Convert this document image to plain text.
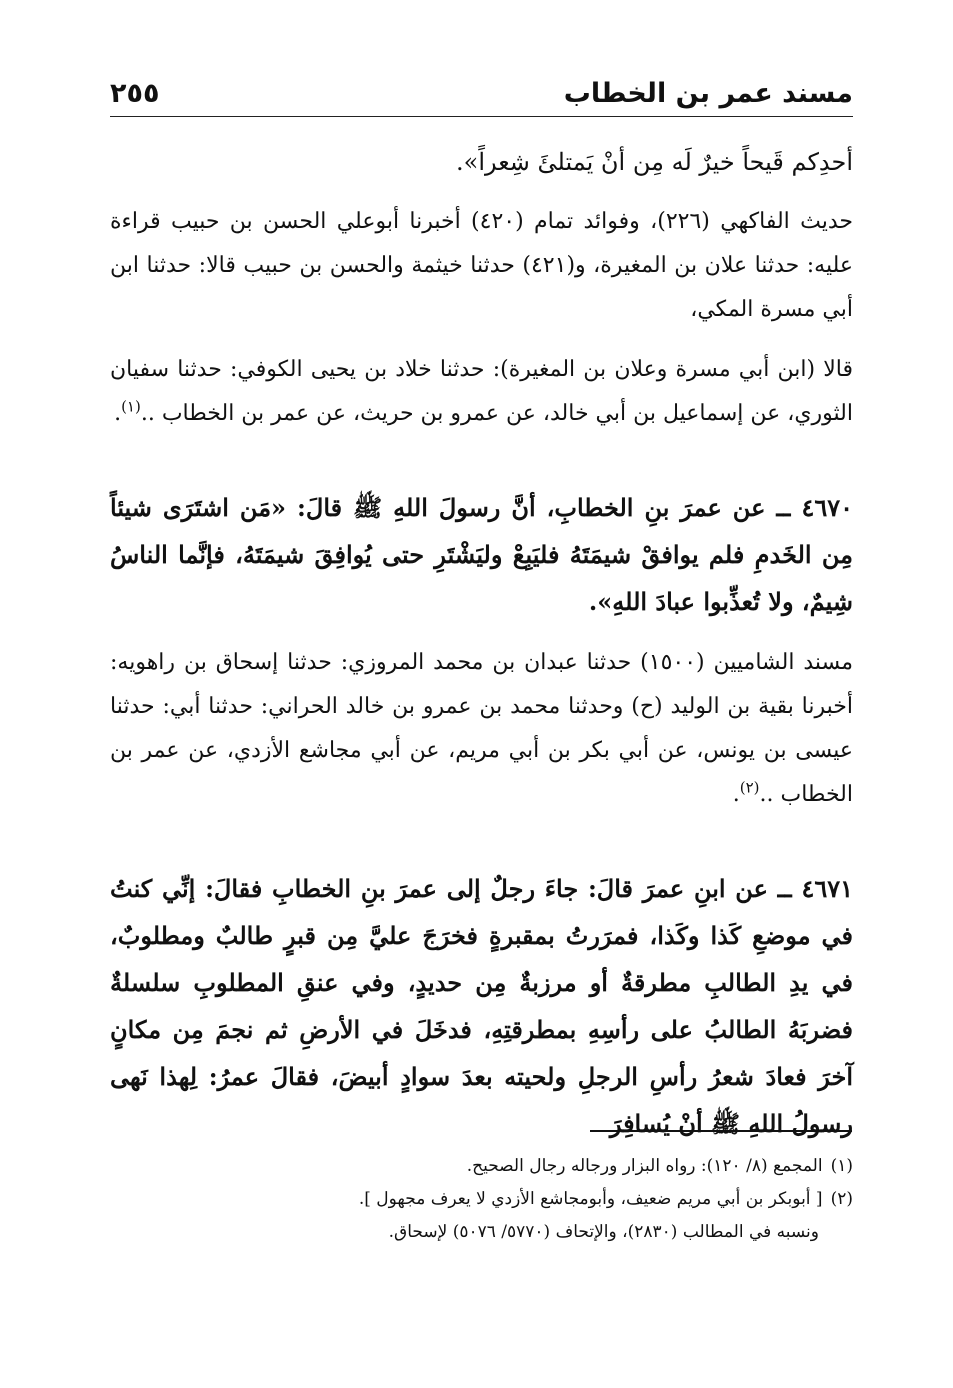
مسند عمر بن الخطاب
٢٥٥

أحدِكم قَيحاً خيرٌ لَه مِن أنْ يَمتلئَ شِعراً».

حديث الفاكهي (٢٢٦)، وفوائد تمام (٤٢٠) أخبرنا أبوعلي الحسن بن حبيب قراءة عليه: حدثنا علان بن المغيرة، و(٤٢١) حدثنا خيثمة والحسن بن حبيب قالا: حدثنا ابن أبي مسرة المكي،

قالا (ابن أبي مسرة وعلان بن المغيرة): حدثنا خلاد بن يحيى الكوفي: حدثنا سفيان الثوري، عن إسماعيل بن أبي خالد، عن عمرو بن حريث، عن عمر بن الخطاب ..$^{(١)}$.

٤٦٧٠ ــ عن عمرَ بنِ الخطابِ، أنَّ رسولَ اللهِ ﷺ قالَ: «مَن اشتَرَى شيئاً مِن الخَدمِ فلم يوافقْ شيمَتَهُ فليَبِعْ وليَشْتَرِ حتى يُوافِقَ شيمَتَهُ، فإنَّما الناسُ شِيمٌ، ولا تُعذِّبوا عبادَ اللهِ».

مسند الشاميين (١٥٠٠) حدثنا عبدان بن محمد المروزي: حدثنا إسحاق بن راهويه: أخبرنا بقية بن الوليد (ح) وحدثنا محمد بن عمرو بن خالد الحراني: حدثنا أبي: حدثنا عيسى بن يونس، عن أبي بكر بن أبي مريم، عن أبي مجاشع الأزدي، عن عمر بن الخطاب ..$^{(٢)}$.

٤٦٧١ ــ عن ابنِ عمرَ قالَ: جاءَ رجلٌ إلى عمرَ بنِ الخطابِ فقالَ: إنِّي كنتُ في موضعِ كَذا وكَذا، فمرَرتُ بمقبرةٍ فخرَجَ عليَّ مِن قبرٍ طالبٌ ومطلوبٌ، في يدِ الطالبِ مطرقةٌ أو مرزبةٌ مِن حديدٍ، وفي عنقِ المطلوبِ سلسلةٌ فضربَهُ الطالبُ على رأسِهِ بمطرقتِهِ، فدخَلَ في الأرضِ ثم نجمَ مِن مكانٍ آخرَ فعادَ شعرُ رأسِ الرجلِ ولحيته بعدَ سوادٍ أبيضَ، فقالَ عمرُ: لِهذا نَهى رسولُ اللهِ ﷺ أنْ يُسافِرَ

(١)المجمع (٨/ ١٢٠): رواه البزار ورجاله رجال الصحيح.

(٢)[ أبوبكر بن أبي مريم ضعيف، وأبومجاشع الأزدي لا يعرف مجهول ].

ونسبه في المطالب (٢٨٣٠)، والإتحاف (٥٧٧٠/ ٥٠٧٦) لإسحاق.
